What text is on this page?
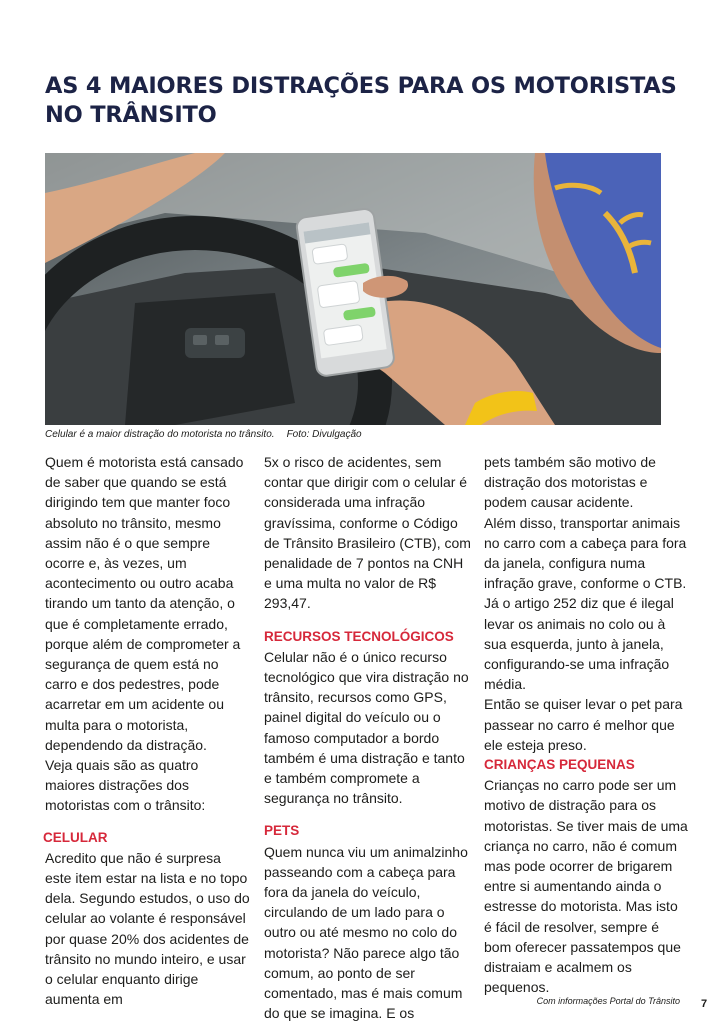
AS 4 MAIORES DISTRAÇÕES PARA OS MOTORISTAS NO TRÂNSITO
Celular é a maior distração do motorista no trânsito. Foto: Divulgação

Quem é motorista está cansado de saber que quando se está dirigindo tem que manter foco absoluto no trânsito, mesmo assim não é o que sempre ocorre e, às vezes, um acontecimento ou outro acaba tirando um tanto da atenção, o que é completamente errado, porque além de comprometer a segurança de quem está no carro e dos pedestres, pode acarretar em um acidente ou multa para o motorista, dependendo da distração.

Veja quais são as quatro maiores distrações dos motoristas com o trânsito:

CELULAR

Acredito que não é surpresa este item estar na lista e no topo dela. Segundo estudos, o uso do celular ao volante é responsável por quase 20% dos acidentes de trânsito no mundo inteiro, e usar o celular enquanto dirige aumenta em

5x o risco de acidentes, sem contar que dirigir com o celular é considerada uma infração gravíssima, conforme o Código de Trânsito Brasileiro (CTB), com penalidade de 7 pontos na CNH e uma multa no valor de R$ 293,47.

RECURSOS TECNOLÓGICOS

Celular não é o único recurso tecnológico que vira distração no trânsito, recursos como GPS, painel digital do veículo ou o famoso computador a bordo também é uma distração e tanto e também compromete a segurança no trânsito.

PETS

Quem nunca viu um animalzinho passeando com a cabeça para fora da janela do veículo, circulando de um lado para o outro ou até mesmo no colo do motorista? Não parece algo tão comum, ao ponto de ser comentado, mas é mais comum do que se imagina. E os

pets também são motivo de distração dos motoristas e podem causar acidente.

Além disso, transportar animais no carro com a cabeça para fora da janela, configura numa infração grave, conforme o CTB. Já o artigo 252 diz que é ilegal levar os animais no colo ou à sua esquerda, junto à janela, configurando-se uma infração média.

Então se quiser levar o pet para passear no carro é melhor que ele esteja preso.

CRIANÇAS PEQUENAS

Crianças no carro pode ser um motivo de distração para os motoristas. Se tiver mais de uma criança no carro, não é comum mas pode ocorrer de brigarem entre si aumentando ainda o estresse do motorista. Mas isto é fácil de resolver, sempre é bom oferecer passatempos que distraiam e acalmem os pequenos.

Com informações Portal do Trânsito 7
